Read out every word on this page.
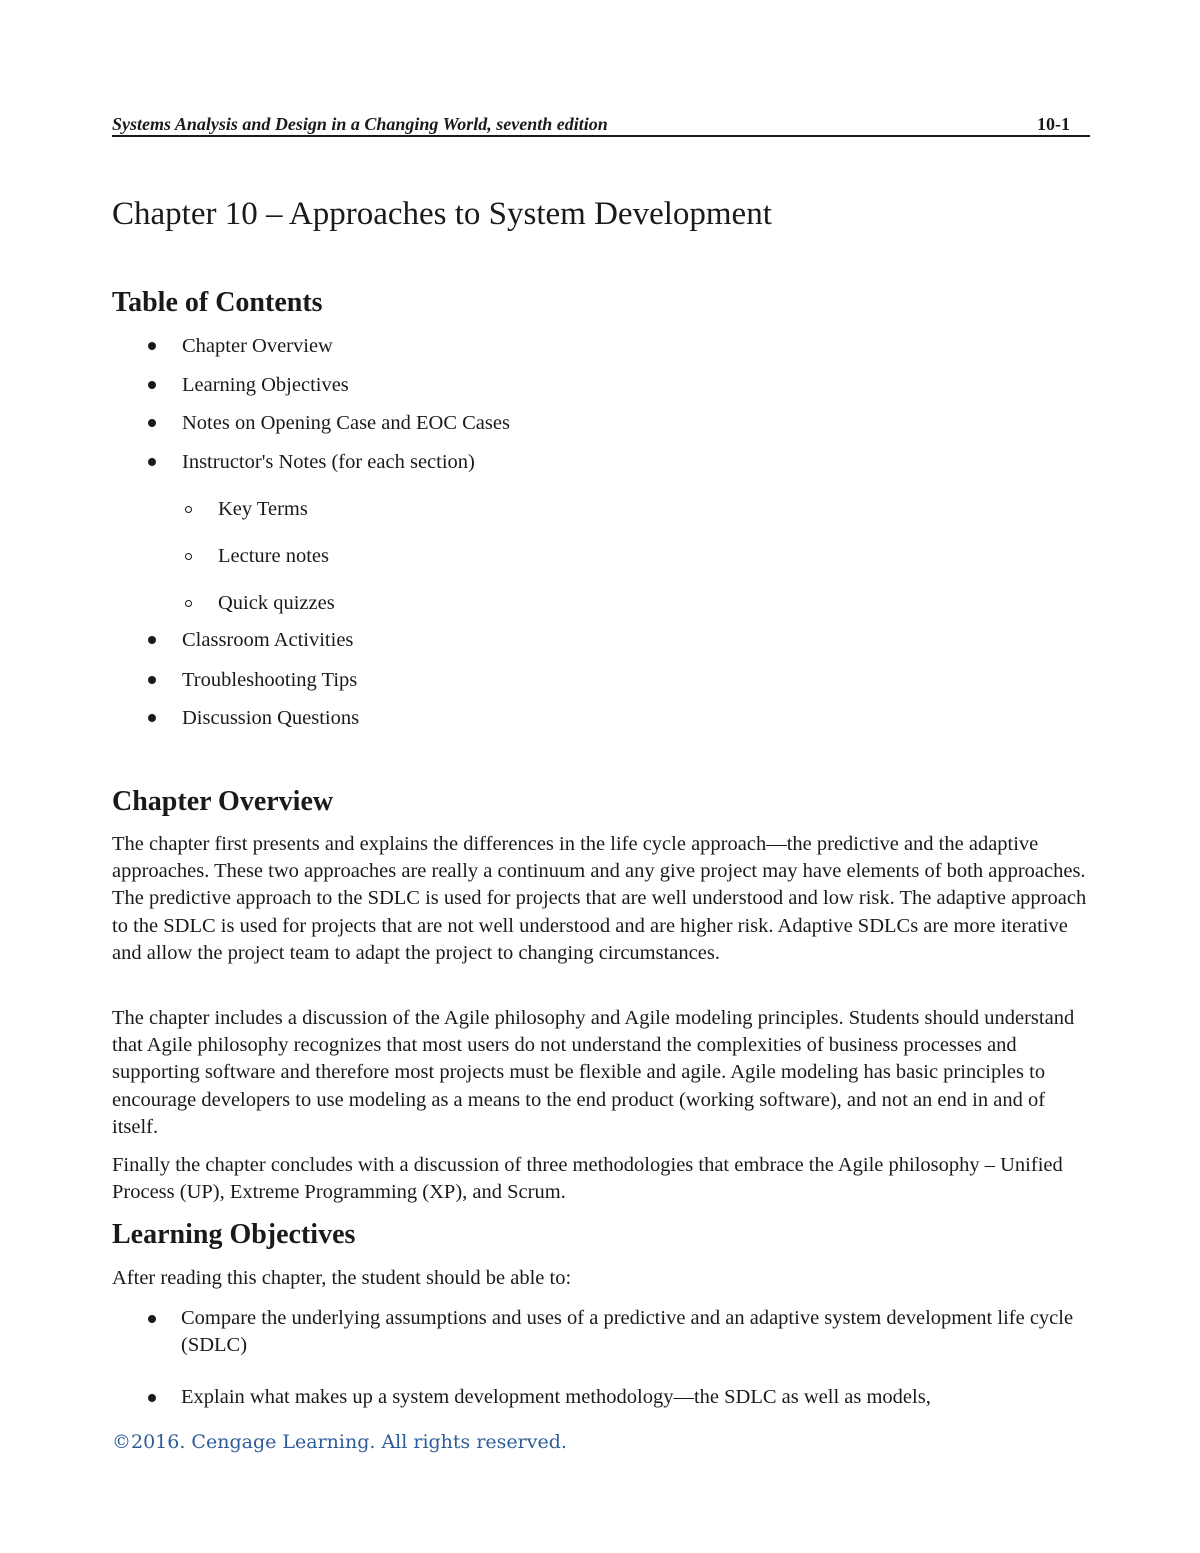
Systems Analysis and Design in a Changing World, seventh edition	10-1
Chapter 10 – Approaches to System Development
Table of Contents
Chapter Overview
Learning Objectives
Notes on Opening Case and EOC Cases
Instructor's Notes (for each section)
Key Terms
Lecture notes
Quick quizzes
Classroom Activities
Troubleshooting Tips
Discussion Questions
Chapter Overview

The chapter first presents and explains the differences in the life cycle approach—the predictive and the adaptive approaches. These two approaches are really a continuum and any give project may have elements of both approaches. The predictive approach to the SDLC is used for projects that are well understood and low risk. The adaptive approach to the SDLC is used for projects that are not well understood and are higher risk. Adaptive SDLCs are more iterative and allow the project team to adapt the project to changing circumstances.

The chapter includes a discussion of the Agile philosophy and Agile modeling principles. Students should understand that Agile philosophy recognizes that most users do not understand the complexities of business processes and supporting software and therefore most projects must be flexible and agile. Agile modeling has basic principles to encourage developers to use modeling as a means to the end product (working software), and not an end in and of itself.

Finally the chapter concludes with a discussion of three methodologies that embrace the Agile philosophy – Unified Process (UP), Extreme Programming (XP), and Scrum.

Learning Objectives

After reading this chapter, the student should be able to:

Compare the underlying assumptions and uses of a predictive and an adaptive system development life cycle (SDLC)
Explain what makes up a system development methodology—the SDLC as well as models,
©2016. Cengage Learning. All rights reserved.
